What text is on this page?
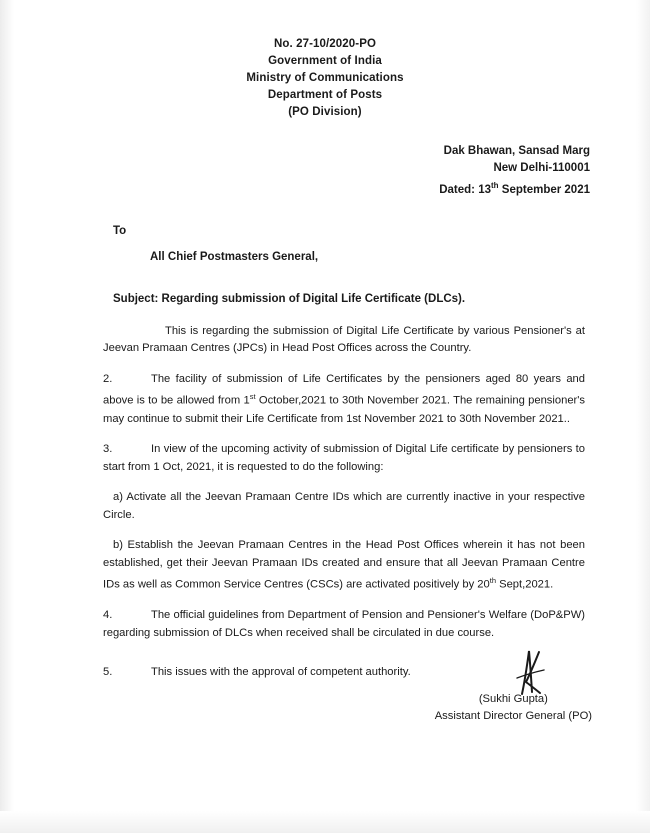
No. 27-10/2020-PO
Government of India
Ministry of Communications
Department of Posts
(PO Division)
Dak Bhawan, Sansad Marg
New Delhi-110001
Dated: 13th September 2021
To
All Chief Postmasters General,
Subject: Regarding submission of Digital Life Certificate (DLCs).
This is regarding the submission of Digital Life Certificate by various Pensioner's at Jeevan Pramaan Centres (JPCs) in Head Post Offices across the Country.
2.	The facility of submission of Life Certificates by the pensioners aged 80 years and above is to be allowed from 1st October,2021 to 30th November 2021. The remaining pensioner's may continue to submit their Life Certificate from 1st November 2021 to 30th November 2021..
3.	In view of the upcoming activity of submission of Digital Life certificate by pensioners to start from 1 Oct, 2021, it is requested to do the following:
a) Activate all the Jeevan Pramaan Centre IDs which are currently inactive in your respective Circle.
b) Establish the Jeevan Pramaan Centres in the Head Post Offices wherein it has not been established, get their Jeevan Pramaan IDs created and ensure that all Jeevan Pramaan Centre IDs as well as Common Service Centres (CSCs) are activated positively by 20th Sept,2021.
4.	The official guidelines from Department of Pension and Pensioner's Welfare (DoP&PW) regarding submission of DLCs when received shall be circulated in due course.
5.	This issues with the approval of competent authority.
(Sukhi Gupta)
Assistant Director General (PO)
